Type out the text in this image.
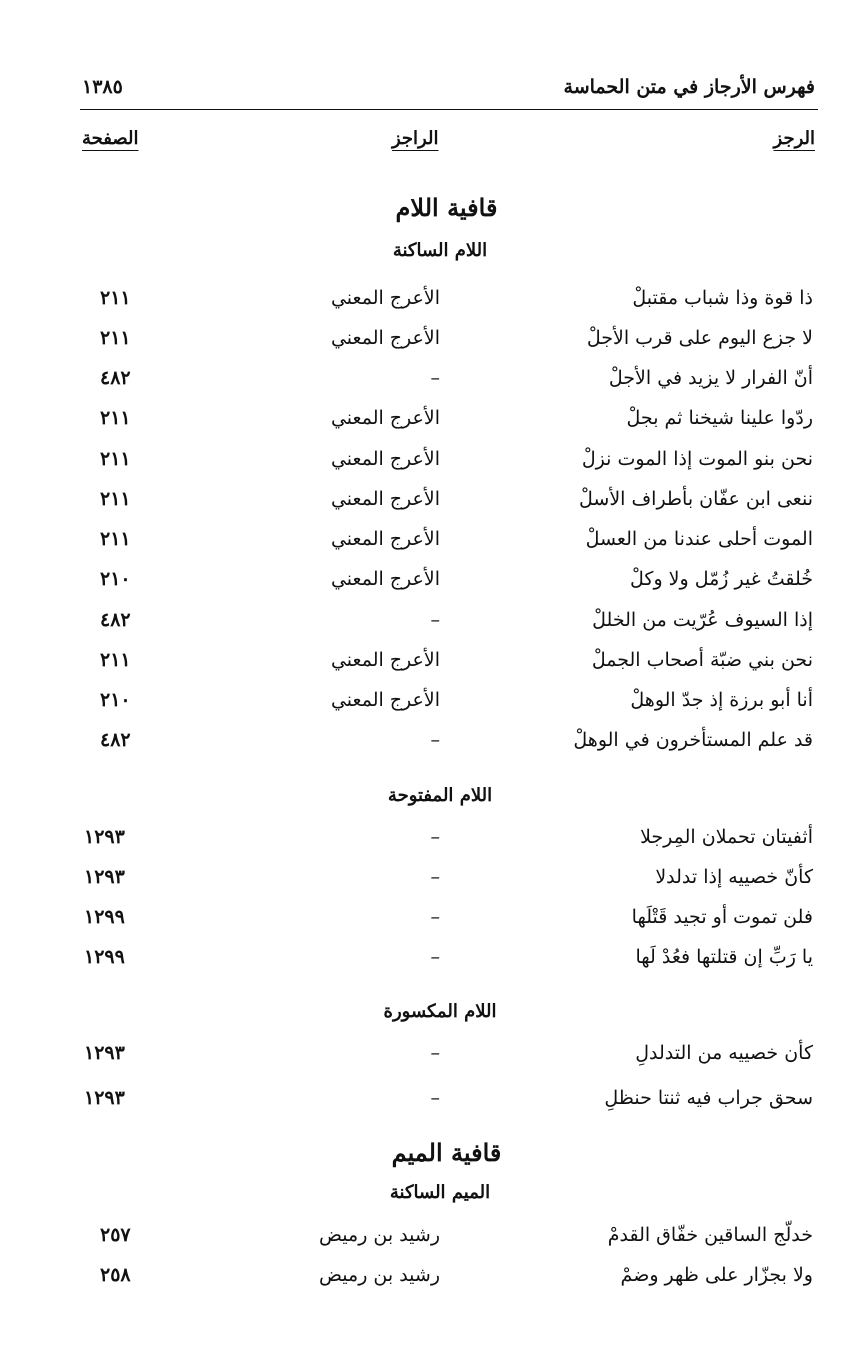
فهرس الأرجاز في متن الحماسة
١٣٨٥
الرجز
الراجز
الصفحة
قافية اللام
اللام الساكنة
ذا قوة وذا شباب مقتبلْ
الأعرج المعني
٢١١
لا جزع اليوم على قرب الأجلْ
الأعرج المعني
٢١١
أنّ الفرار لا يزيد في الأجلْ
–
٤٨٢
ردّوا علينا شيخنا ثم بجلْ
الأعرج المعني
٢١١
نحن بنو الموت إذا الموت نزلْ
الأعرج المعني
٢١١
ننعى ابن عفّان بأطراف الأسلْ
الأعرج المعني
٢١١
الموت أحلى عندنا من العسلْ
الأعرج المعني
٢١١
خُلقتُ غير زُمّل ولا وكلْ
الأعرج المعني
٢١٠
إذا السيوف عُرّيت من الخللْ
–
٤٨٢
نحن بني ضبّة أصحاب الجملْ
الأعرج المعني
٢١١
أنا أبو برزة إذ جدّ الوهلْ
الأعرج المعني
٢١٠
قد علم المستأخرون في الوهلْ
–
٤٨٢
اللام المفتوحة
أثفيتان تحملان المِرجلا
–
١٢٩٣
كأنّ خصييه إذا تدلدلا
–
١٢٩٣
فلن تموت أو تجيد قَتْلَها
–
١٢٩٩
يا رَبِّ إن قتلتها فعُدْ لَها
–
١٢٩٩
اللام المكسورة
كأن خصييه من التدلدلِ
–
١٢٩٣
سحق جراب فيه ثنتا حنظلِ
–
١٢٩٣
قافية الميم
الميم الساكنة
خدلّج الساقين خفّاق القدمْ
رشيد بن رميض
٢٥٧
ولا بجزّار على ظهر وضمْ
رشيد بن رميض
٢٥٨
